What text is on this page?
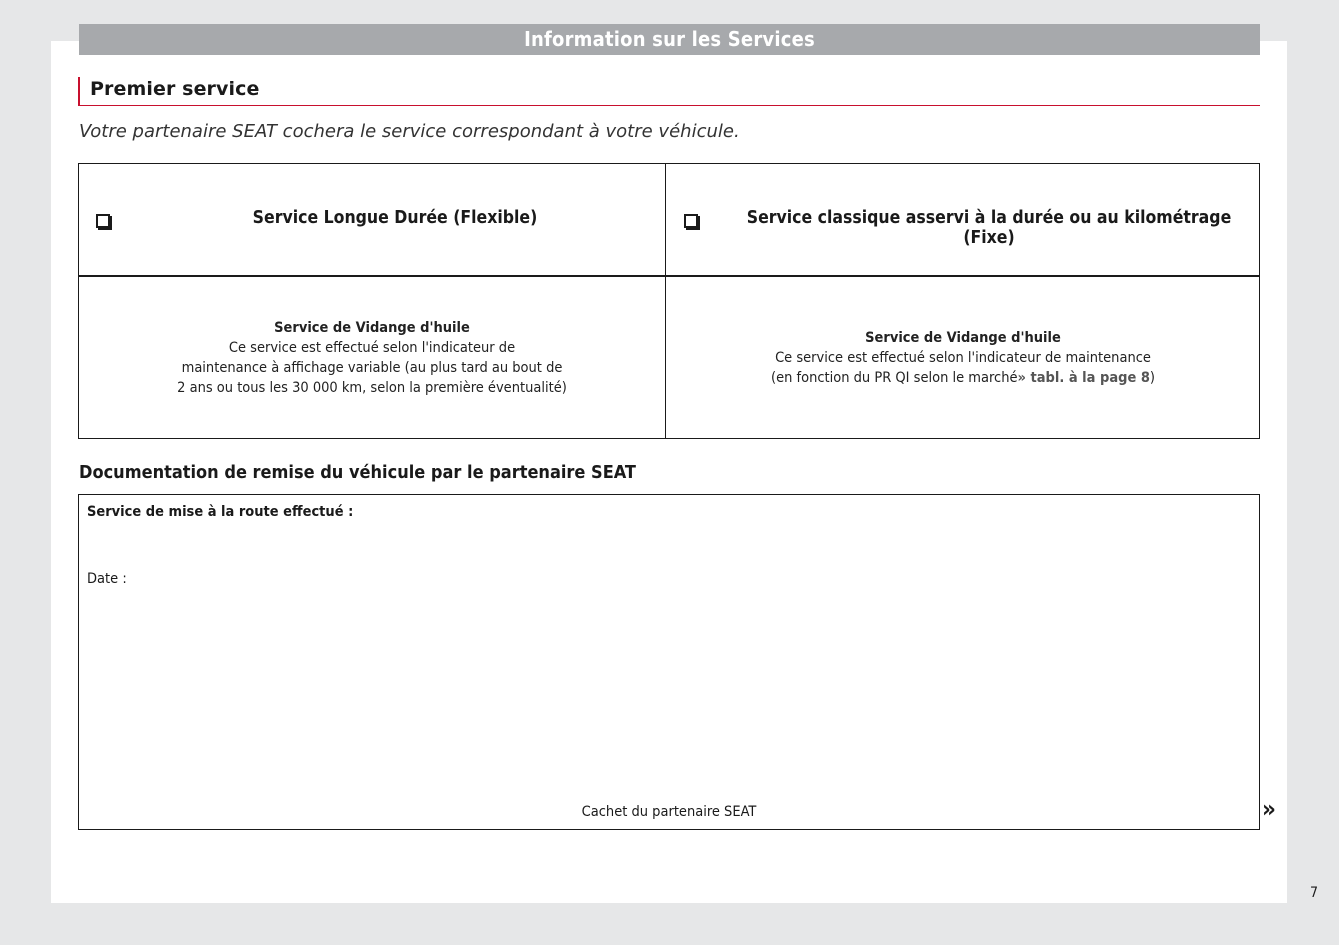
Information sur les Services
Premier service
Votre partenaire SEAT cochera le service correspondant à votre véhicule.
Service Longue Durée (Flexible)	Service classique asservi à la durée ou au kilométrage (Fixe)
Service de Vidange d'huile
Ce service est effectué selon l'indicateur de
maintenance à affichage variable (au plus tard au bout de
2 ans ou tous les 30 000 km, selon la première éventualité)
Service de Vidange d'huile
Ce service est effectué selon l'indicateur de maintenance
(en fonction du PR QI selon le marché» tabl. à la page 8)
Documentation de remise du véhicule par le partenaire SEAT
Service de mise à la route effectué :
Date :
Cachet du partenaire SEAT	»
7
